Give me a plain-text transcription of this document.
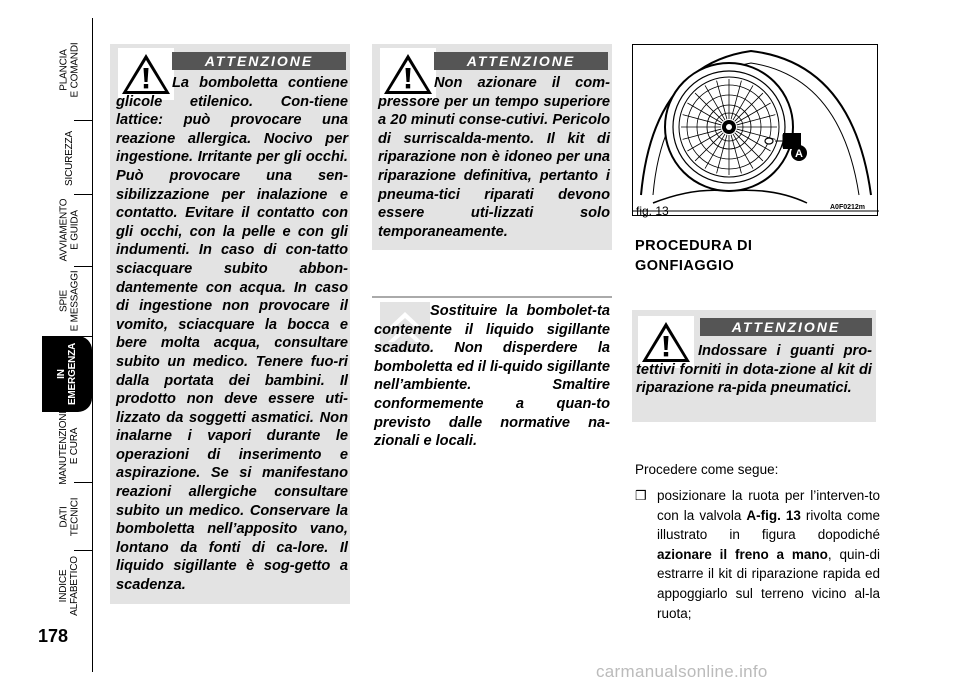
PLANCIA
E COMANDI
SICUREZZA
AVVIAMENTO
E GUIDA
SPIE
E MESSAGGI
IN
EMERGENZA
MANUTENZIONE
E CURA
DATI
TECNICI
INDICE
ALFABETICO
178
ATTENZIONE
La bomboletta contiene glicole etilenico. Con-tiene lattice: può provocare una reazione allergica. Nocivo per ingestione. Irritante per gli occhi. Può provocare una sen-sibilizzazione per inalazione e contatto. Evitare il contatto con gli occhi, con la pelle e con gli indumenti. In caso di con-tatto sciacquare subito abbon-dantemente con acqua. In caso di ingestione non provocare il vomito, sciacquare la bocca e bere molta acqua, consultare subito un medico. Tenere fuo-ri dalla portata dei bambini. Il prodotto non deve essere uti-lizzato da soggetti asmatici. Non inalarne i vapori durante le operazioni di inserimento e aspirazione. Se si manifestano reazioni allergiche consultare subito un medico. Conservare la bomboletta nell’apposito vano, lontano da fonti di ca-lore. Il liquido sigillante è sog-getto a scadenza.
ATTENZIONE
Non azionare il com-pressore per un tempo superiore a 20 minuti conse-cutivi. Pericolo di surriscalda-mento. Il kit di riparazione non è idoneo per una riparazione definitiva, pertanto i pneuma-tici riparati devono essere uti-lizzati solo temporaneamente.
Sostituire la bombolet-ta contenente il liquido sigillante scaduto. Non disperdere la bomboletta ed il li-quido sigillante nell’ambiente. Smaltire conformemente a quan-to previsto dalle normative na-zionali e locali.
A
fig. 13	A0F0212m
PROCEDURA DI
GONFIAGGIO
ATTENZIONE
Indossare i guanti pro-tettivi forniti in dota-zione al kit di riparazione ra-pida pneumatici.
Procedere come segue:
❒ posizionare la ruota per l’interven-to con la valvola A-fig. 13 rivolta come illustrato in figura dopodiché azionare il freno a mano, quin-di estrarre il kit di riparazione rapida ed appoggiarlo sul terreno vicino al-la ruota;
carmanualsonline.info
